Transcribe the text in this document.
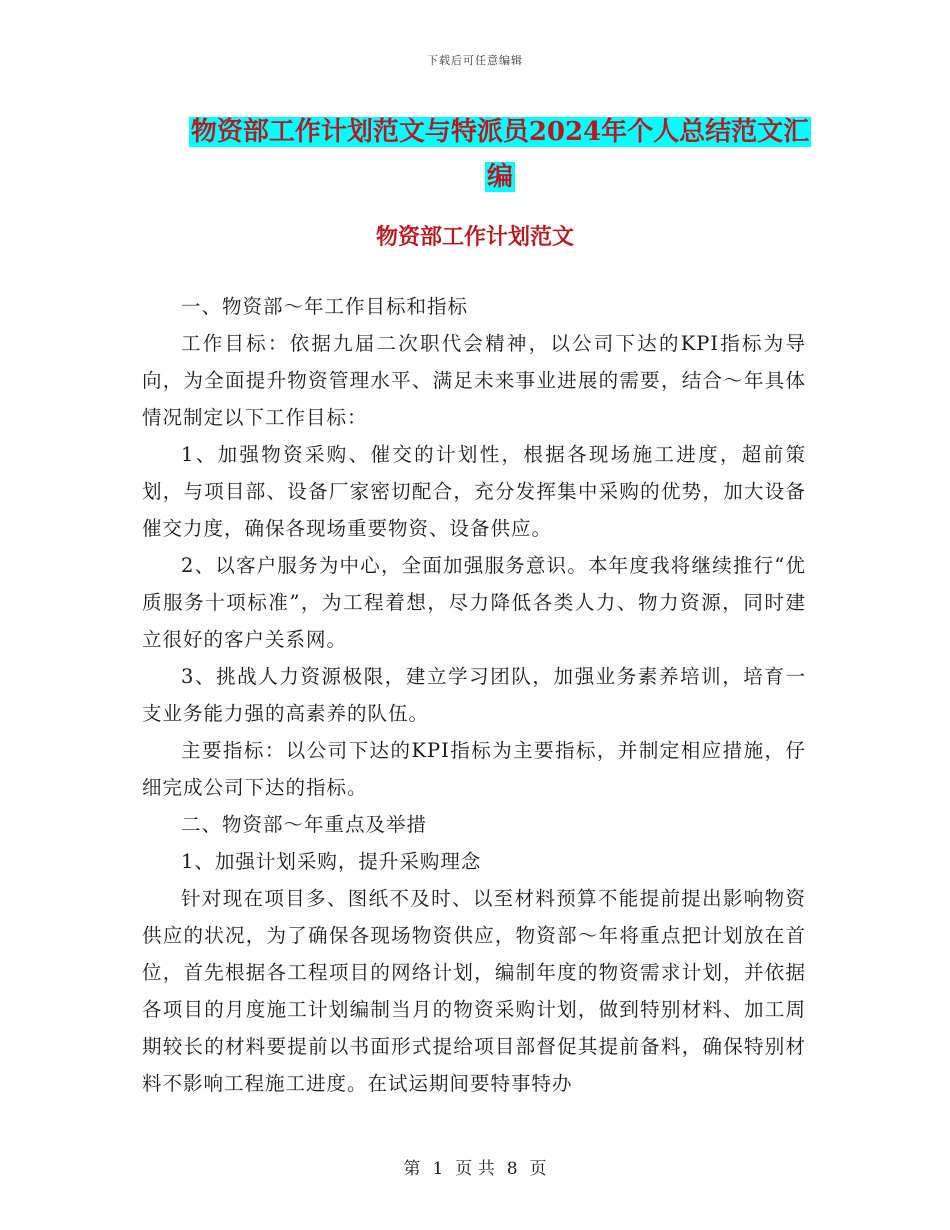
下载后可任意编辑
物资部工作计划范文与特派员2024年个人总结范文汇
编
物资部工作计划范文

一、物资部～年工作目标和指标

工作目标：依据九届二次职代会精神，以公司下达的KPI指标为导向，为全面提升物资管理水平、满足未来事业进展的需要，结合～年具体情况制定以下工作目标：

1、加强物资采购、催交的计划性，根据各现场施工进度，超前策划，与项目部、设备厂家密切配合，充分发挥集中采购的优势，加大设备催交力度，确保各现场重要物资、设备供应。

2、以客户服务为中心，全面加强服务意识。本年度我将继续推行“优质服务十项标准”，为工程着想，尽力降低各类人力、物力资源，同时建立很好的客户关系网。

3、挑战人力资源极限，建立学习团队，加强业务素养培训，培育一支业务能力强的高素养的队伍。

主要指标：以公司下达的KPI指标为主要指标，并制定相应措施，仔细完成公司下达的指标。

二、物资部～年重点及举措

1、加强计划采购，提升采购理念

针对现在项目多、图纸不及时、以至材料预算不能提前提出影响物资供应的状况，为了确保各现场物资供应，物资部～年将重点把计划放在首位，首先根据各工程项目的网络计划，编制年度的物资需求计划，并依据各项目的月度施工计划编制当月的物资采购计划，做到特别材料、加工周期较长的材料要提前以书面形式提给项目部督促其提前备料，确保特别材料不影响工程施工进度。在试运期间要特事特办

第 1 页 共 8 页
